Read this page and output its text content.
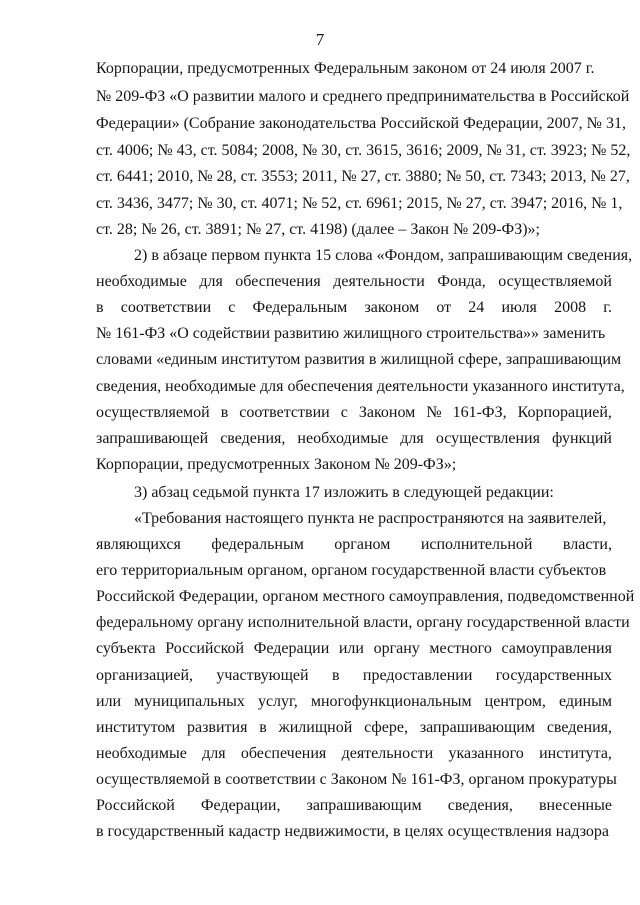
7
Корпорации, предусмотренных Федеральным законом от 24 июля 2007 г.
№ 209-ФЗ «О развитии малого и среднего предпринимательства в Российской
Федерации» (Собрание законодательства Российской Федерации, 2007, № 31,
ст. 4006; № 43, ст. 5084; 2008, № 30, ст. 3615, 3616; 2009, № 31, ст. 3923; № 52,
ст. 6441; 2010, № 28, ст. 3553; 2011, № 27, ст. 3880; № 50, ст. 7343; 2013, № 27,
ст. 3436, 3477; № 30, ст. 4071; № 52, ст. 6961; 2015, № 27, ст. 3947; 2016, № 1,
ст. 28; № 26, ст. 3891; № 27, ст. 4198) (далее – Закон № 209-ФЗ)»;
2) в абзаце первом пункта 15 слова «Фондом, запрашивающим сведения,
необходимые для обеспечения деятельности Фонда, осуществляемой
в соответствии с Федеральным законом от 24 июля 2008 г.
№ 161-ФЗ «О содействии развитию жилищного строительства»» заменить
словами «единым институтом развития в жилищной сфере, запрашивающим
сведения, необходимые для обеспечения деятельности указанного института,
осуществляемой в соответствии с Законом № 161-ФЗ, Корпорацией,
запрашивающей сведения, необходимые для осуществления функций
Корпорации, предусмотренных Законом № 209-ФЗ»;
3) абзац седьмой пункта 17 изложить в следующей редакции:
«Требования настоящего пункта не распространяются на заявителей,
являющихся федеральным органом исполнительной власти,
его территориальным органом, органом государственной власти субъектов
Российской Федерации, органом местного самоуправления, подведомственной
федеральному органу исполнительной власти, органу государственной власти
субъекта Российской Федерации или органу местного самоуправления
организацией, участвующей в предоставлении государственных
или муниципальных услуг, многофункциональным центром, единым
институтом развития в жилищной сфере, запрашивающим сведения,
необходимые для обеспечения деятельности указанного института,
осуществляемой в соответствии с Законом № 161-ФЗ, органом прокуратуры
Российской Федерации, запрашивающим сведения, внесенные
в государственный кадастр недвижимости, в целях осуществления надзора
